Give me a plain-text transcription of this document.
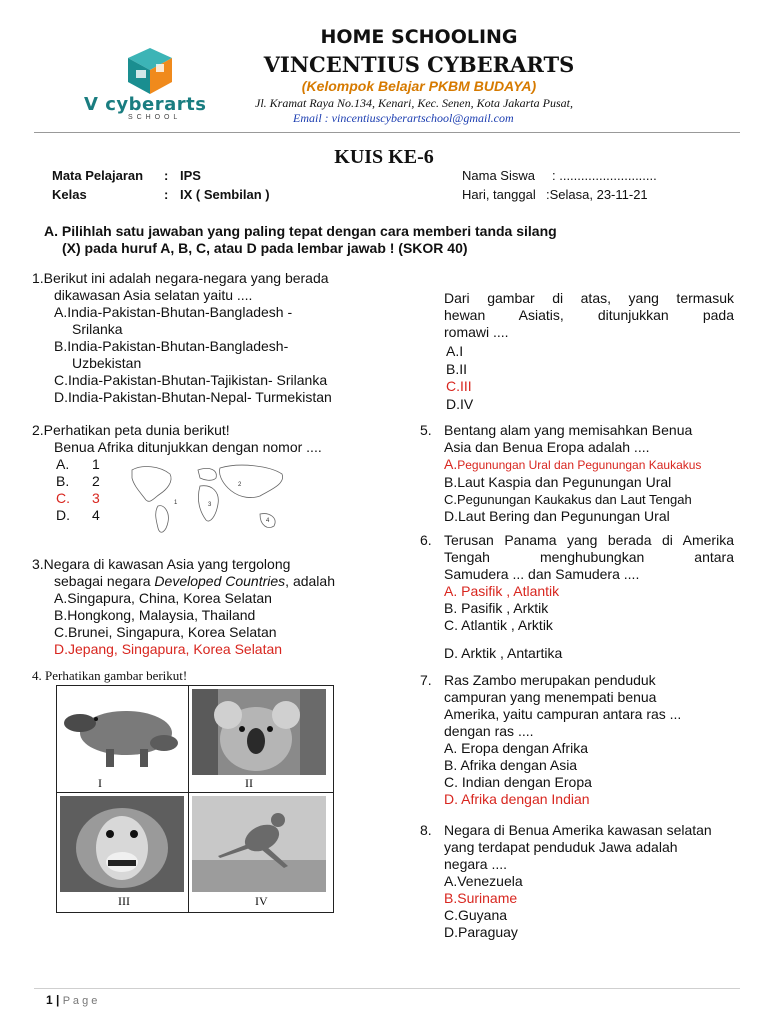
V cyberarts
S C H O O L
HOME SCHOOLING
VINCENTIUS CYBERARTS
(Kelompok Belajar PKBM BUDAYA)
Jl. Kramat Raya No.134, Kenari, Kec. Senen, Kota Jakarta Pusat,
Email : vincentiuscyberartschool@gmail.com
KUIS KE-6
Mata Pelajaran : IPS
Kelas	: IX ( Sembilan )
Nama Siswa : ...........................
Hari, tanggal :Selasa, 23-11-21
A. Pilihlah satu jawaban yang paling tepat dengan cara memberi tanda silang
(X) pada huruf A, B, C, atau D pada lembar jawab ! (SKOR 40)
1.Berikut ini adalah negara-negara yang berada
dikawasan Asia selatan yaitu ....
A.India-Pakistan-Bhutan-Bangladesh -
Srilanka
B.India-Pakistan-Bhutan-Bangladesh-
Uzbekistan
C.India-Pakistan-Bhutan-Tajikistan- Srilanka
D.India-Pakistan-Bhutan-Nepal- Turmekistan
2.Perhatikan peta dunia berikut!
Benua Afrika ditunjukkan dengan nomor ....
A. 1
B. 2
C. 3
D. 4
1
2
3
4
3.Negara di kawasan Asia yang tergolong
sebagai negara Developed Countries, adalah
A.Singapura, China, Korea Selatan
B.Hongkong, Malaysia, Thailand
C.Brunei, Singapura, Korea Selatan
D.Jepang, Singapura, Korea Selatan
4. Perhatikan gambar berikut!
I	II
III	IV
Dari gambar di atas, yang termasuk
hewan Asiatis, ditunjukkan pada
romawi ....
A.I
B.II
C.III
D.IV
5. Bentang alam yang memisahkan Benua
Asia dan Benua Eropa adalah ....
A.Pegunungan Ural dan Pegunungan Kaukakus
B.Laut Kaspia dan Pegunungan Ural
C.Pegunungan Kaukakus dan Laut Tengah
D.Laut Bering dan Pegunungan Ural
6. Terusan Panama yang berada di Amerika
Tengah menghubungkan antara
Samudera ... dan Samudera ....
A. Pasifik , Atlantik
B. Pasifik , Arktik
C. Atlantik , Arktik
D. Arktik , Antartika
7. Ras Zambo merupakan penduduk
campuran yang menempati benua
Amerika, yaitu campuran antara ras ...
dengan ras ....
A. Eropa dengan Afrika
B. Afrika dengan Asia
C. Indian dengan Eropa
D. Afrika dengan Indian
8. Negara di Benua Amerika kawasan selatan
yang terdapat penduduk Jawa adalah
negara ....
A.Venezuela
B.Suriname
C.Guyana
D.Paraguay
1 | P a g e
